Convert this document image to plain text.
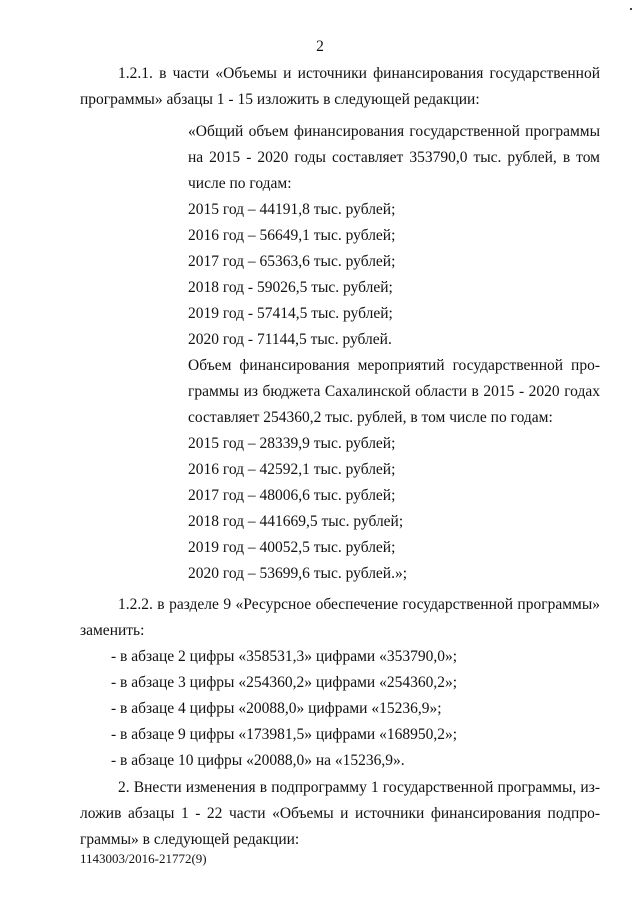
2
1.2.1. в части «Объемы и источники финансирования государственной
программы» абзацы 1 - 15 изложить в следующей редакции:
«Общий объем финансирования государственной программы
на 2015 - 2020 годы составляет 353790,0 тыс. рублей, в том
числе по годам:
2015 год – 44191,8 тыс. рублей;
2016 год – 56649,1 тыс. рублей;
2017 год – 65363,6 тыс. рублей;
2018 год - 59026,5 тыс. рублей;
2019 год - 57414,5 тыс. рублей;
2020 год - 71144,5 тыс. рублей.
Объем финансирования мероприятий государственной про-
граммы из бюджета Сахалинской области в 2015 - 2020 годах
составляет 254360,2 тыс. рублей, в том числе по годам:
2015 год – 28339,9 тыс. рублей;
2016 год – 42592,1 тыс. рублей;
2017 год – 48006,6 тыс. рублей;
2018 год – 441669,5 тыс. рублей;
2019 год – 40052,5 тыс. рублей;
2020 год – 53699,6 тыс. рублей.»;
1.2.2. в разделе 9 «Ресурсное обеспечение государственной программы»
заменить:
- в абзаце 2 цифры «358531,3» цифрами «353790,0»;
- в абзаце 3 цифры «254360,2» цифрами «254360,2»;
- в абзаце 4 цифры «20088,0» цифрами «15236,9»;
- в абзаце 9 цифры «173981,5» цифрами «168950,2»;
- в абзаце 10 цифры «20088,0» на «15236,9».
2. Внести изменения в подпрограмму 1 государственной программы, из-
ложив абзацы 1 - 22 части «Объемы и источники финансирования подпро-
граммы» в следующей редакции:
1143003/2016-21772(9)
